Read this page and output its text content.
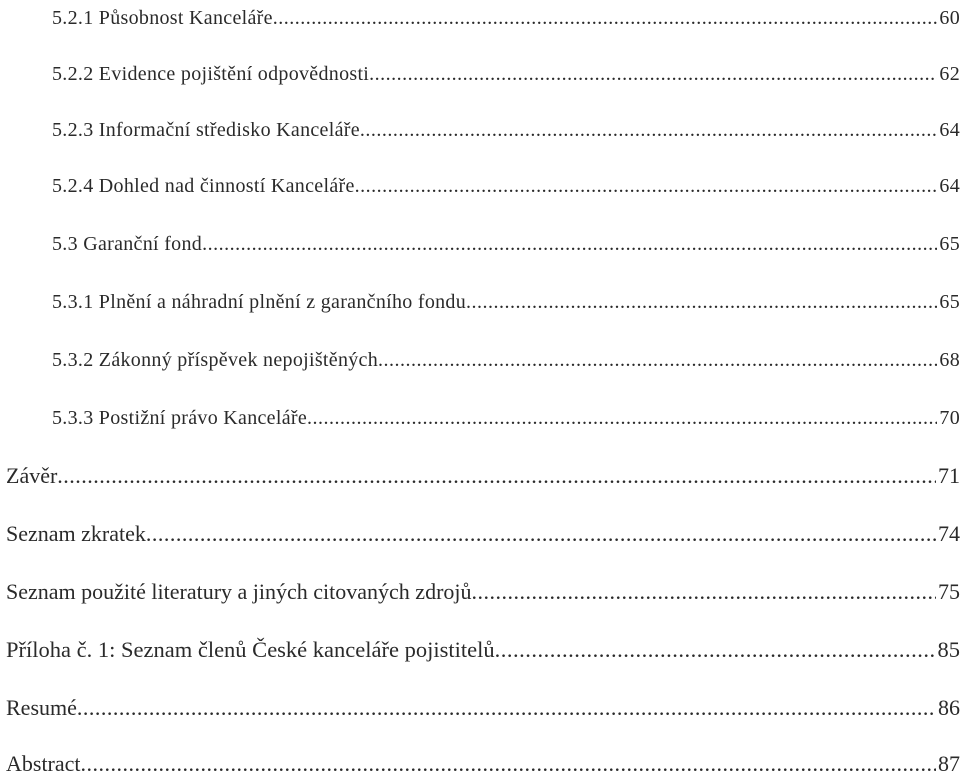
5.2.1 Působnost Kanceláře .....	60
5.2.2 Evidence pojištění odpovědnosti .....	62
5.2.3 Informační středisko Kanceláře .....	64
5.2.4 Dohled nad činností Kanceláře .....	64
5.3 Garanční fond .....	65
5.3.1 Plnění a náhradní plnění z garančního fondu .....	65
5.3.2 Zákonný příspěvek nepojištěných .....	68
5.3.3 Postižní právo Kanceláře .....	70
Závěr .....	71
Seznam zkratek .....	74
Seznam použité literatury a jiných citovaných zdrojů .....	75
Příloha č. 1: Seznam členů České kanceláře pojistitelů .....	85
Resumé .....	86
Abstract .....	87
